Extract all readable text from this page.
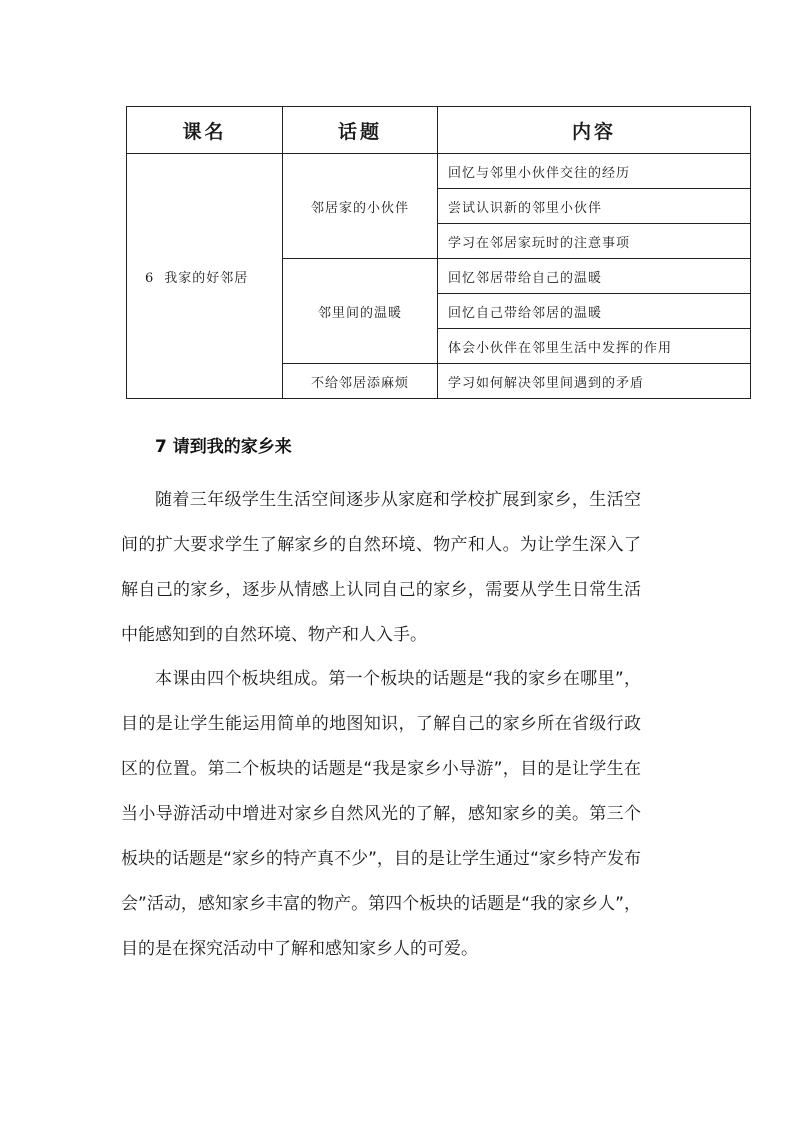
课名	话题	内容
6 我家的好邻居	邻居家的小伙伴	回忆与邻里小伙伴交往的经历
		尝试认识新的邻里小伙伴
		学习在邻居家玩时的注意事项
	邻里间的温暖	回忆邻居带给自己的温暖
		回忆自己带给邻居的温暖
		体会小伙伴在邻里生活中发挥的作用
	不给邻居添麻烦	学习如何解决邻里间遇到的矛盾
7 请到我的家乡来

随着三年级学生生活空间逐步从家庭和学校扩展到家乡，生活空间的扩大要求学生了解家乡的自然环境、物产和人。为让学生深入了解自己的家乡，逐步从情感上认同自己的家乡，需要从学生日常生活中能感知到的自然环境、物产和人入手。

本课由四个板块组成。第一个板块的话题是“我的家乡在哪里”，目的是让学生能运用简单的地图知识，了解自己的家乡所在省级行政区的位置。第二个板块的话题是“我是家乡小导游”，目的是让学生在当小导游活动中增进对家乡自然风光的了解，感知家乡的美。第三个板块的话题是“家乡的特产真不少”，目的是让学生通过“家乡特产发布会”活动，感知家乡丰富的物产。第四个板块的话题是“我的家乡人”，目的是在探究活动中了解和感知家乡人的可爱。
